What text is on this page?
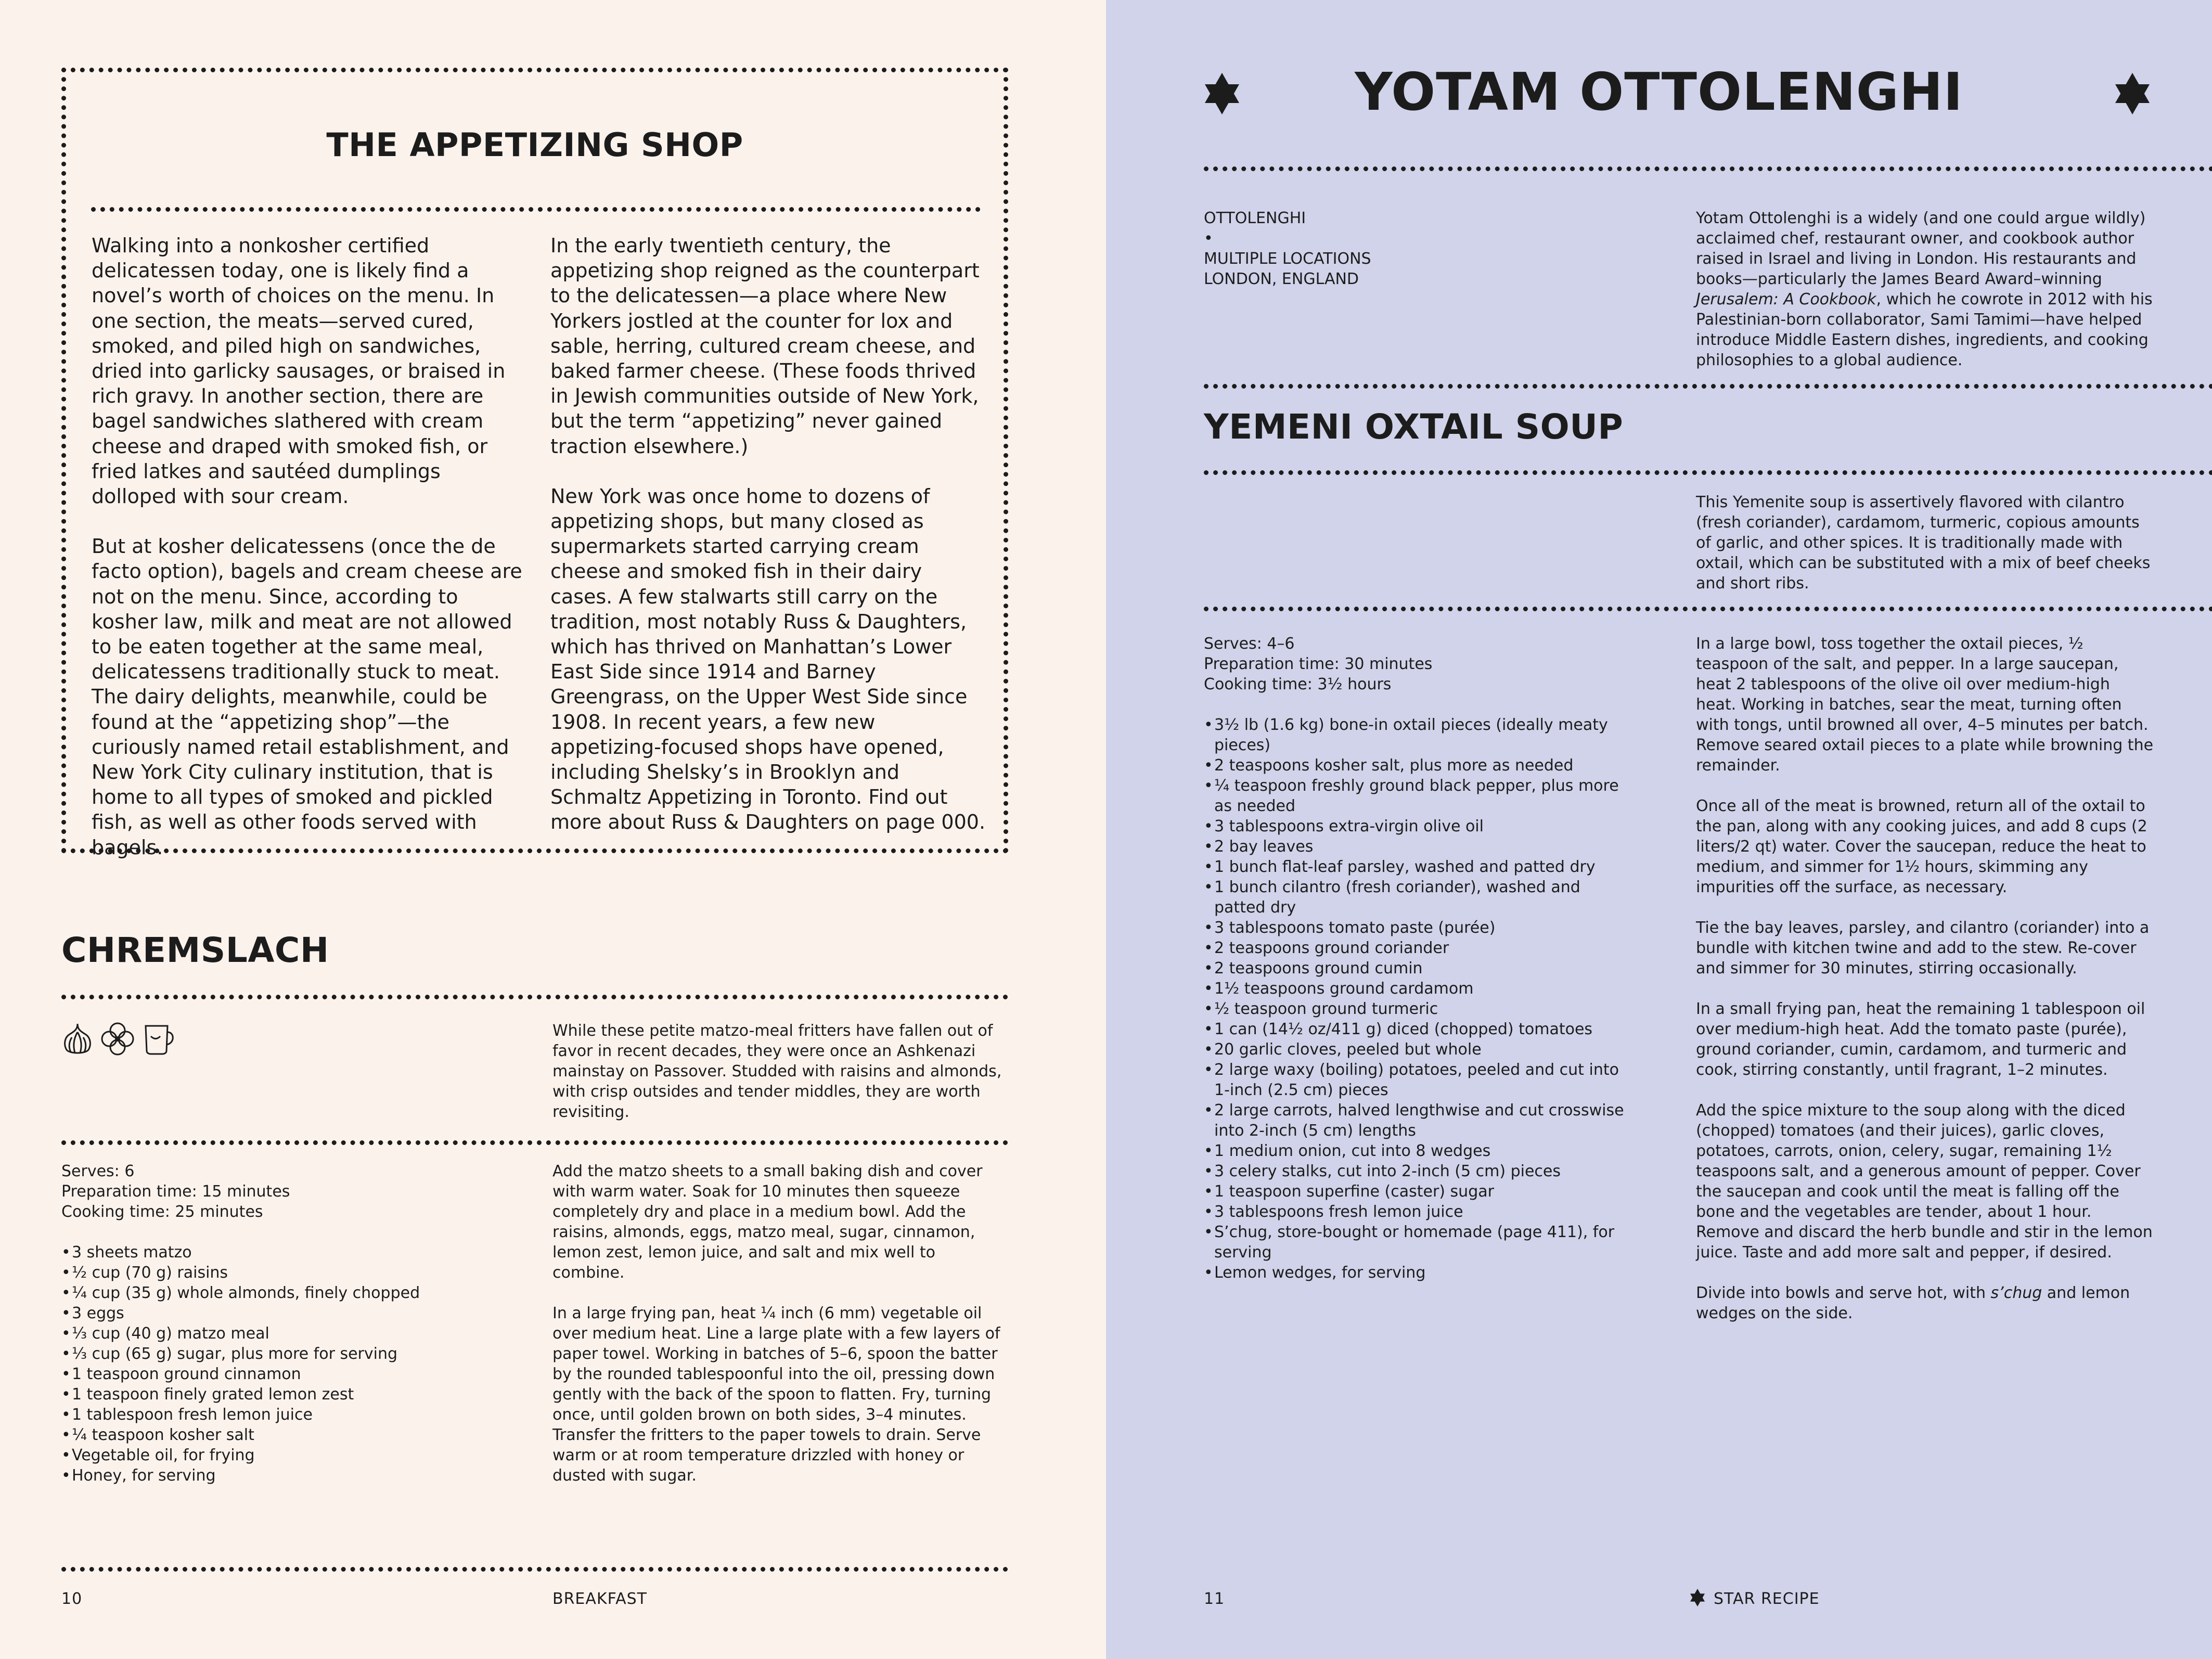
THE APPETIZING SHOP

Walking into a nonkosher certified delicatessen today, one is likely find a novel’s worth of choices on the menu. In one section, the meats—served cured, smoked, and piled high on sandwiches, dried into garlicky sausages, or braised in rich gravy. In another section, there are bagel sandwiches slathered with cream cheese and draped with smoked fish, or fried latkes and sautéed dumplings dolloped with sour cream.

But at kosher delicatessens (once the de facto option), bagels and cream cheese are not on the menu. Since, according to kosher law, milk and meat are not allowed to be eaten together at the same meal, delicatessens traditionally stuck to meat. The dairy delights, meanwhile, could be found at the “appetizing shop”—the curiously named retail establishment, and New York City culinary institution, that is home to all types of smoked and pickled fish, as well as other foods served with bagels.

In the early twentieth century, the appetizing shop reigned as the counterpart to the delicatessen—a place where New Yorkers jostled at the counter for lox and sable, herring, cultured cream cheese, and baked farmer cheese. (These foods thrived in Jewish communities outside of New York, but the term “appetizing” never gained traction elsewhere.)

New York was once home to dozens of appetizing shops, but many closed as supermarkets started carrying cream cheese and smoked fish in their dairy cases. A few stalwarts still carry on the tradition, most notably Russ & Daughters, which has thrived on Manhattan’s Lower East Side since 1914 and Barney Greengrass, on the Upper West Side since 1908. In recent years, a few new appetizing-focused shops have opened, including Shelsky’s in Brooklyn and Schmaltz Appetizing in Toronto. Find out more about Russ & Daughters on page 000.

CHREMSLACH

While these petite matzo-meal fritters have fallen out of favor in recent decades, they were once an Ashkenazi mainstay on Passover. Studded with raisins and almonds, with crisp outsides and tender middles, they are worth revisiting.
Serves: 6
Preparation time: 15 minutes
Cooking time: 25 minutes
• 3 sheets matzo
• ½ cup (70 g) raisins
• ¼ cup (35 g) whole almonds, finely chopped
• 3 eggs
• ⅓ cup (40 g) matzo meal
• ⅓ cup (65 g) sugar, plus more for serving
• 1 teaspoon ground cinnamon
• 1 teaspoon finely grated lemon zest
• 1 tablespoon fresh lemon juice
• ¼ teaspoon kosher salt
• Vegetable oil, for frying
• Honey, for serving

Add the matzo sheets to a small baking dish and cover with warm water. Soak for 10 minutes then squeeze completely dry and place in a medium bowl. Add the raisins, almonds, eggs, matzo meal, sugar, cinnamon, lemon zest, lemon juice, and salt and mix well to combine.

In a large frying pan, heat ¼ inch (6 mm) vegetable oil over medium heat. Line a large plate with a few layers of paper towel. Working in batches of 5–6, spoon the batter by the rounded tablespoonful into the oil, pressing down gently with the back of the spoon to flatten. Fry, turning once, until golden brown on both sides, 3–4 minutes. Transfer the fritters to the paper towels to drain. Serve warm or at room temperature drizzled with honey or dusted with sugar.

10	BREAKFAST
YOTAM OTTOLENGHI
OTTOLENGHI
•
MULTIPLE LOCATIONS
LONDON, ENGLAND
Yotam Ottolenghi is a widely (and one could argue wildly) acclaimed chef, restaurant owner, and cookbook author raised in Israel and living in London. His restaurants and books—particularly the James Beard Award–winning Jerusalem: A Cookbook, which he cowrote in 2012 with his Palestinian-born collaborator, Sami Tamimi—have helped introduce Middle Eastern dishes, ingredients, and cooking philosophies to a global audience.
YEMENI OXTAIL SOUP
This Yemenite soup is assertively flavored with cilantro (fresh coriander), cardamom, turmeric, copious amounts of garlic, and other spices. It is traditionally made with oxtail, which can be substituted with a mix of beef cheeks and short ribs.
Serves: 4–6
Preparation time: 30 minutes
Cooking time: 3½ hours
• 3½ lb (1.6 kg) bone-in oxtail pieces (ideally meaty pieces)
• 2 teaspoons kosher salt, plus more as needed
• ¼ teaspoon freshly ground black pepper, plus more as needed
• 3 tablespoons extra-virgin olive oil
• 2 bay leaves
• 1 bunch flat-leaf parsley, washed and patted dry
• 1 bunch cilantro (fresh coriander), washed and patted dry
• 3 tablespoons tomato paste (purée)
• 2 teaspoons ground coriander
• 2 teaspoons ground cumin
• 1½ teaspoons ground cardamom
• ½ teaspoon ground turmeric
• 1 can (14½ oz/411 g) diced (chopped) tomatoes
• 20 garlic cloves, peeled but whole
• 2 large waxy (boiling) potatoes, peeled and cut into 1-inch (2.5 cm) pieces
• 2 large carrots, halved lengthwise and cut crosswise into 2-inch (5 cm) lengths
• 1 medium onion, cut into 8 wedges
• 3 celery stalks, cut into 2-inch (5 cm) pieces
• 1 teaspoon superfine (caster) sugar
• 3 tablespoons fresh lemon juice
• S’chug, store-bought or homemade (page 411), for serving
• Lemon wedges, for serving

In a large bowl, toss together the oxtail pieces, ½ teaspoon of the salt, and pepper. In a large saucepan, heat 2 tablespoons of the olive oil over medium-high heat. Working in batches, sear the meat, turning often with tongs, until browned all over, 4–5 minutes per batch. Remove seared oxtail pieces to a plate while browning the remainder.

Once all of the meat is browned, return all of the oxtail to the pan, along with any cooking juices, and add 8 cups (2 liters/2 qt) water. Cover the saucepan, reduce the heat to medium, and simmer for 1½ hours, skimming any impurities off the surface, as necessary.

Tie the bay leaves, parsley, and cilantro (coriander) into a bundle with kitchen twine and add to the stew. Re-cover and simmer for 30 minutes, stirring occasionally.

In a small frying pan, heat the remaining 1 tablespoon oil over medium-high heat. Add the tomato paste (purée), ground coriander, cumin, cardamom, and turmeric and cook, stirring constantly, until fragrant, 1–2 minutes.

Add the spice mixture to the soup along with the diced (chopped) tomatoes (and their juices), garlic cloves, potatoes, carrots, onion, celery, sugar, remaining 1½ teaspoons salt, and a generous amount of pepper. Cover the saucepan and cook until the meat is falling off the bone and the vegetables are tender, about 1 hour. Remove and discard the herb bundle and stir in the lemon juice. Taste and add more salt and pepper, if desired.

Divide into bowls and serve hot, with s’chug and lemon wedges on the side.

11	STAR RECIPE
